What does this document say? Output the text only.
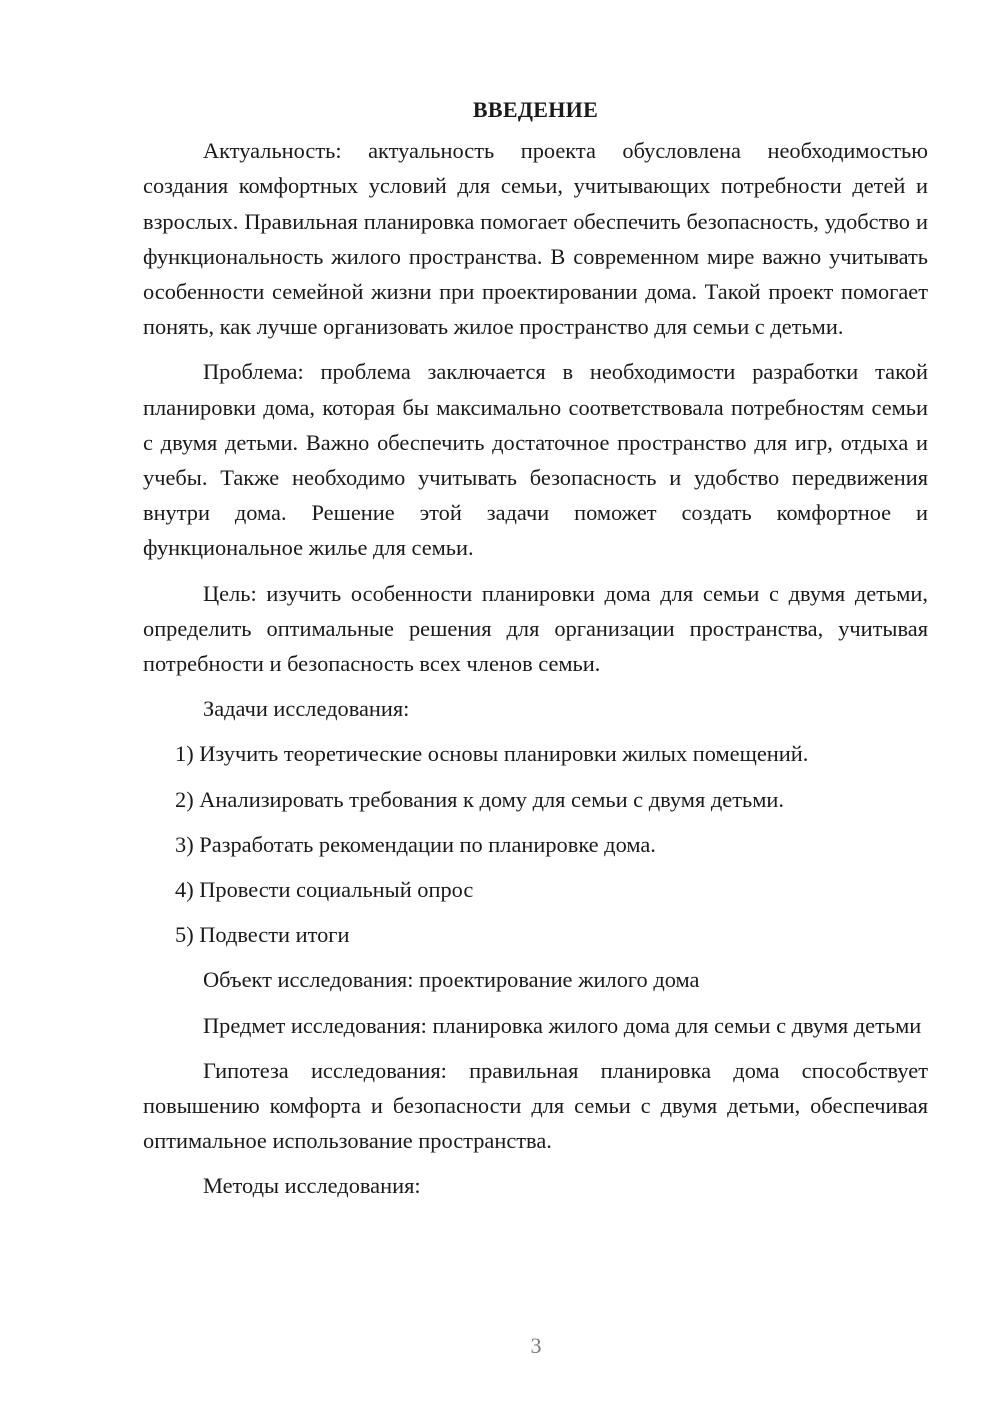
ВВЕДЕНИЕ

Актуальность: актуальность проекта обусловлена необходимостью создания комфортных условий для семьи, учитывающих потребности детей и взрослых. Правильная планировка помогает обеспечить безопасность, удобство и функциональность жилого пространства. В современном мире важно учитывать особенности семейной жизни при проектировании дома. Такой проект помогает понять, как лучше организовать жилое пространство для семьи с детьми.

Проблема: проблема заключается в необходимости разработки такой планировки дома, которая бы максимально соответствовала потребностям семьи с двумя детьми. Важно обеспечить достаточное пространство для игр, отдыха и учебы. Также необходимо учитывать безопасность и удобство передвижения внутри дома. Решение этой задачи поможет создать комфортное и функциональное жилье для семьи.

Цель: изучить особенности планировки дома для семьи с двумя детьми, определить оптимальные решения для организации пространства, учитывая потребности и безопасность всех членов семьи.

Задачи исследования:

1) Изучить теоретические основы планировки жилых помещений.

2) Анализировать требования к дому для семьи с двумя детьми.

3) Разработать рекомендации по планировке дома.

4) Провести социальный опрос

5) Подвести итоги

Объект исследования: проектирование жилого дома

Предмет исследования: планировка жилого дома для семьи с двумя детьми

Гипотеза исследования: правильная планировка дома способствует повышению комфорта и безопасности для семьи с двумя детьми, обеспечивая оптимальное использование пространства.

Методы исследования:

3
